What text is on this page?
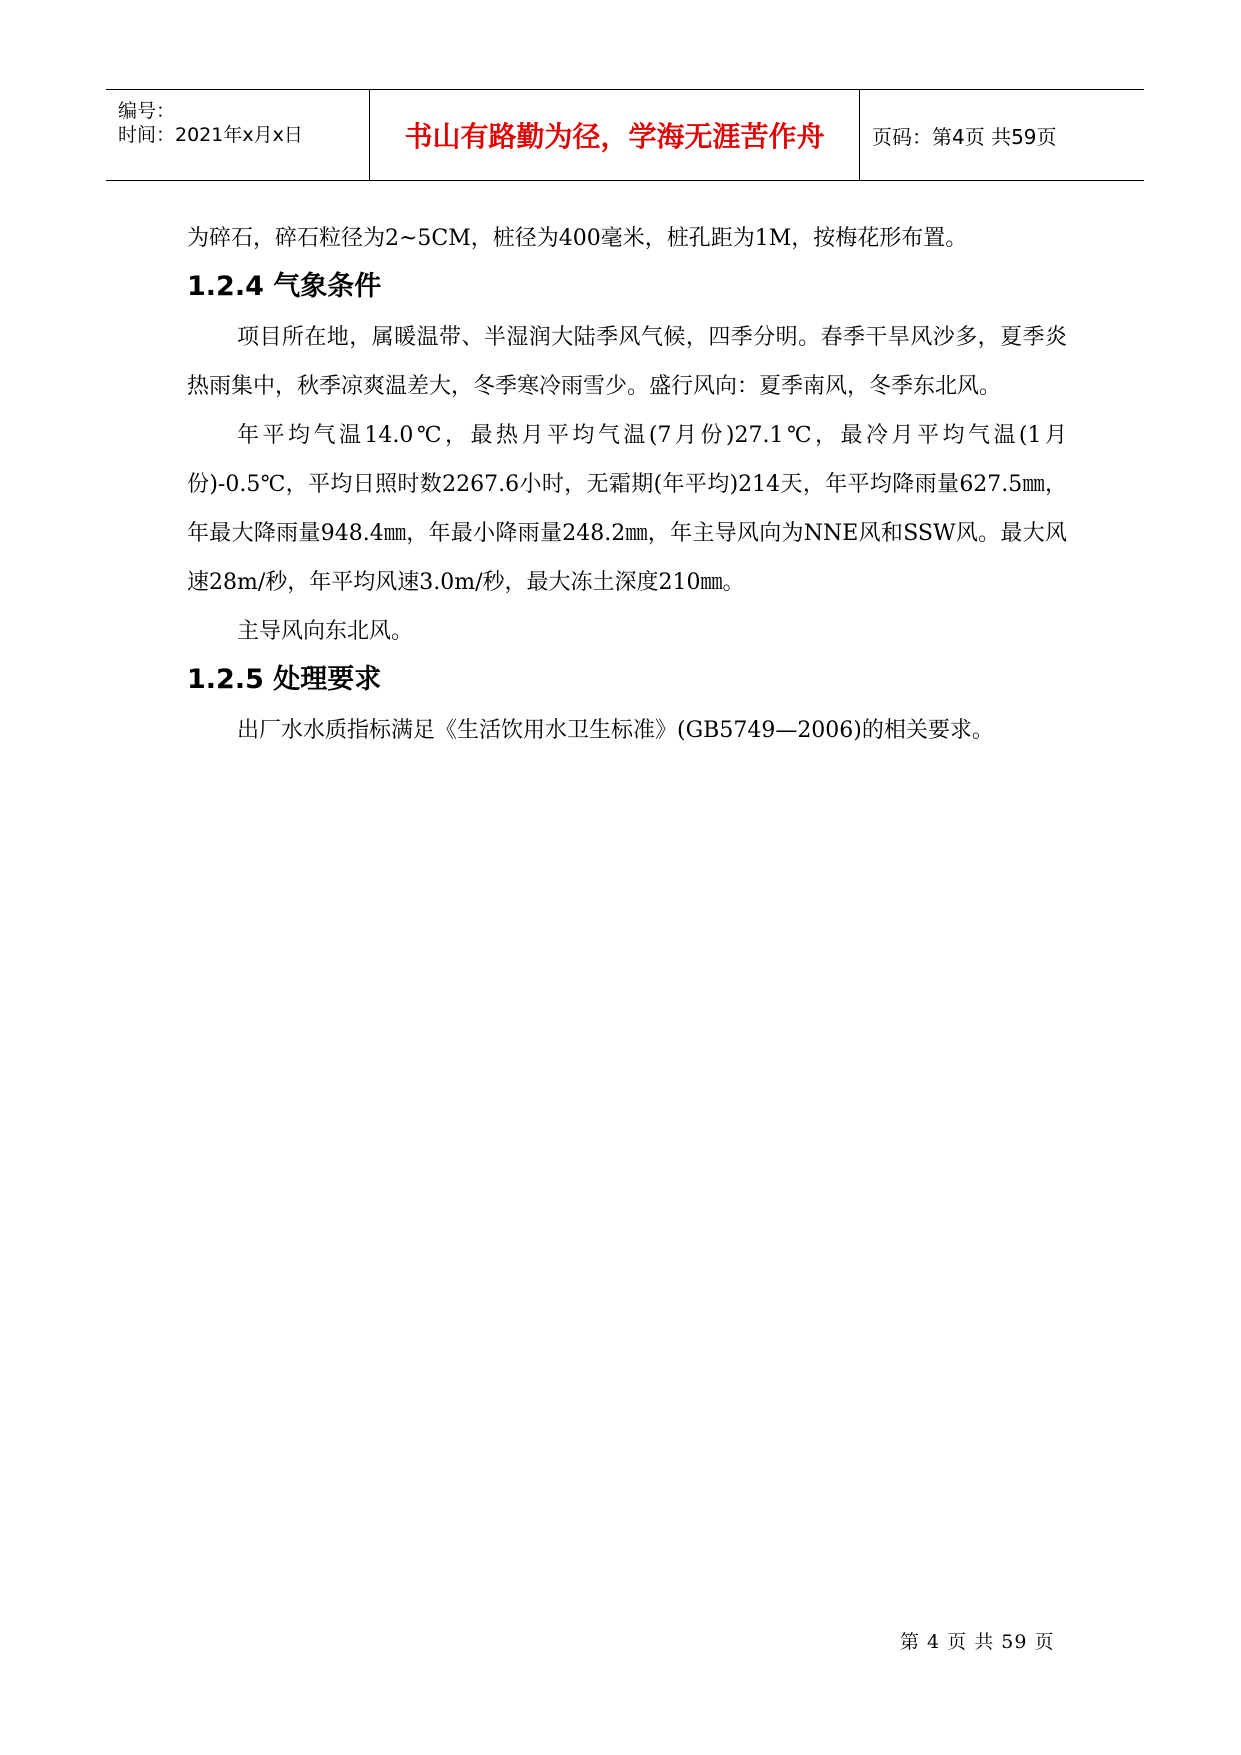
编号：
时间：2021年x月x日	书山有路勤为径，学海无涯苦作舟 页码：第4页 共59页

为碎石，碎石粒径为2~5CM，桩径为400毫米，桩孔距为1M，按梅花形布置。

1.2.4 气象条件

项目所在地，属暖温带、半湿润大陆季风气候，四季分明。春季干旱风沙多，夏季炎热雨集中，秋季凉爽温差大，冬季寒冷雨雪少。盛行风向：夏季南风，冬季东北风。

年平均气温14.0℃，最热月平均气温(7月份)27.1℃，最冷月平均气温(1月份)-0.5℃，平均日照时数2267.6小时，无霜期(年平均)214天，年平均降雨量627.5㎜，年最大降雨量948.4㎜，年最小降雨量248.2㎜，年主导风向为NNE风和SSW风。最大风速28m/秒，年平均风速3.0m/秒，最大冻土深度210㎜。

主导风向东北风。

1.2.5 处理要求

出厂水水质指标满足《生活饮用水卫生标准》(GB5749—2006)的相关要求。

第 4 页 共 59 页
